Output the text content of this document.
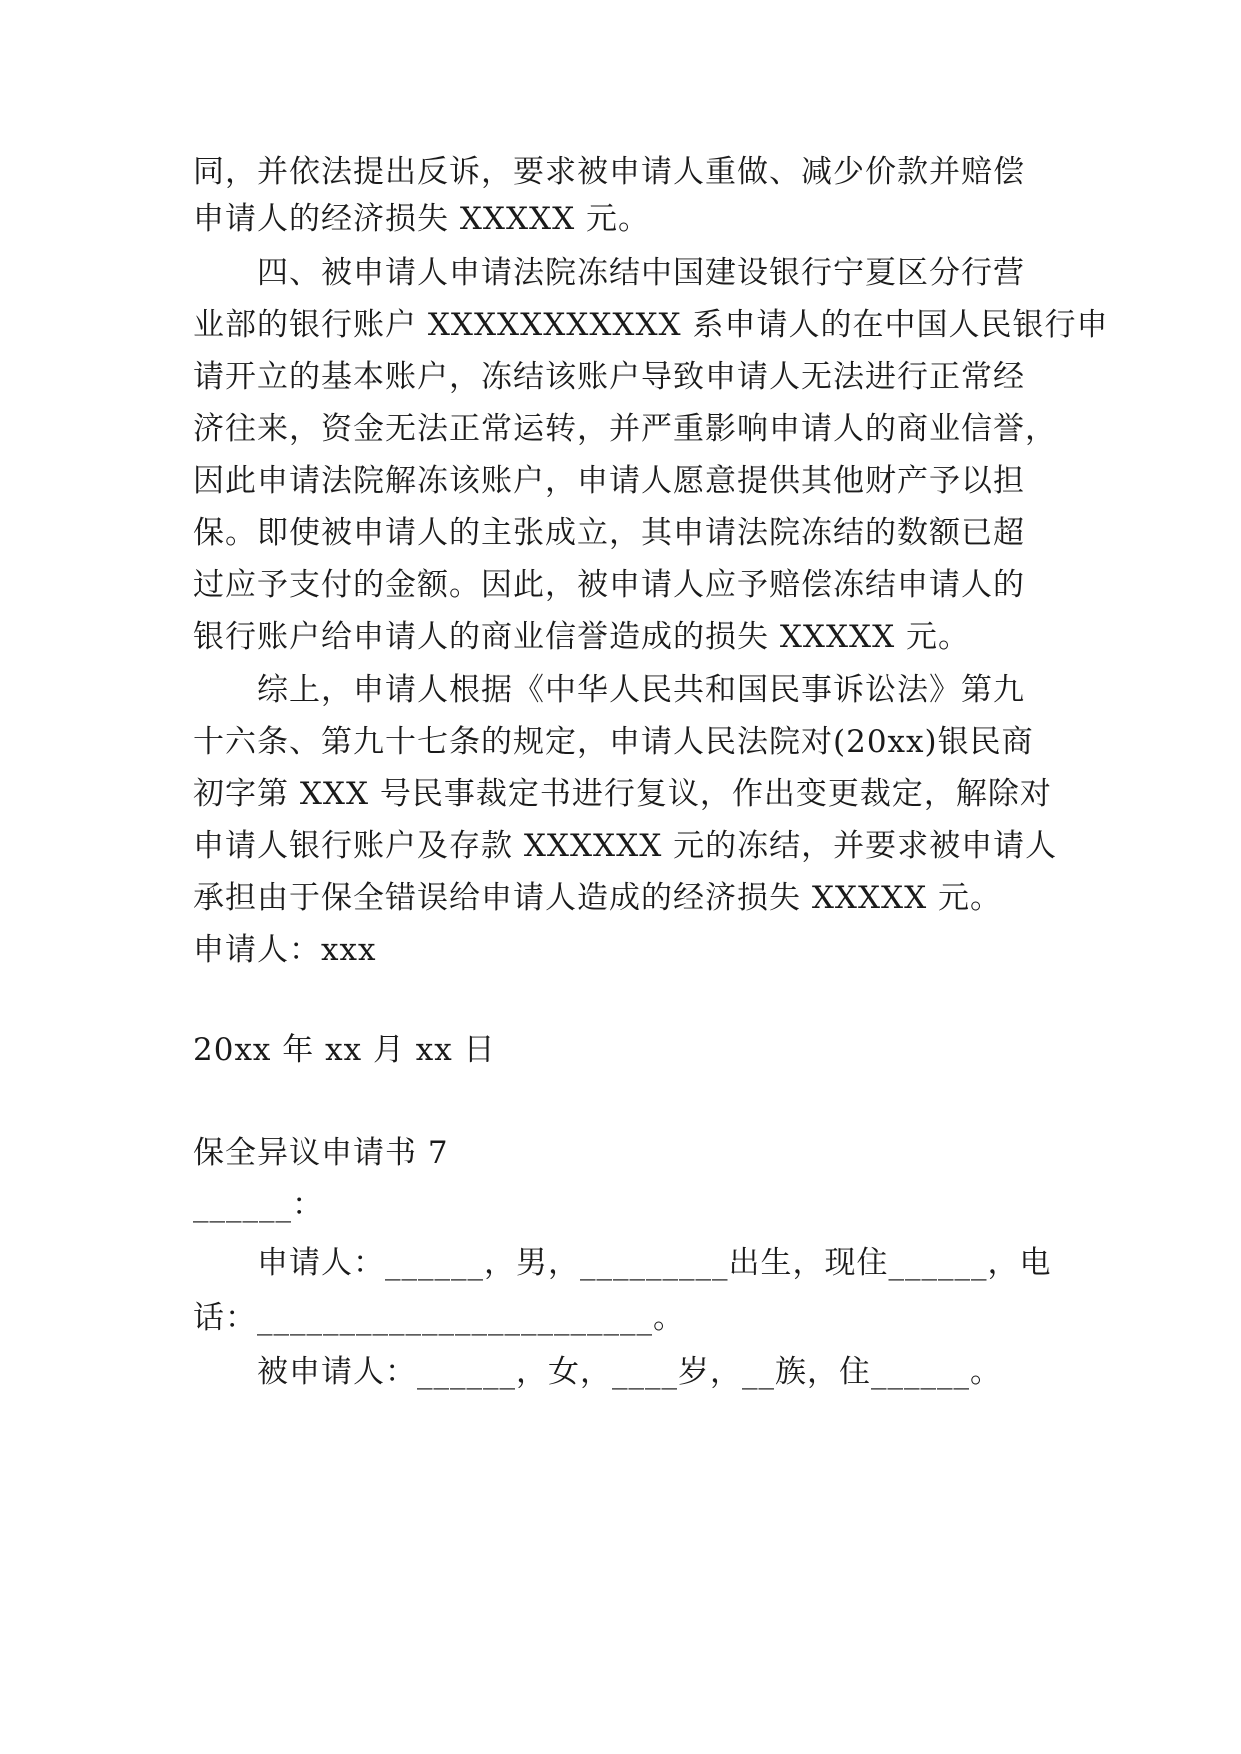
同，并依法提出反诉，要求被申请人重做、减少价款并赔偿
申请人的经济损失 XXXXX 元。
四、被申请人申请法院冻结中国建设银行宁夏区分行营
业部的银行账户 XXXXXXXXXXX 系申请人的在中国人民银行申
请开立的基本账户，冻结该账户导致申请人无法进行正常经
济往来，资金无法正常运转，并严重影响申请人的商业信誉，
因此申请法院解冻该账户，申请人愿意提供其他财产予以担
保。即使被申请人的主张成立，其申请法院冻结的数额已超
过应予支付的金额。因此，被申请人应予赔偿冻结申请人的
银行账户给申请人的商业信誉造成的损失 XXXXX 元。
综上，申请人根据《中华人民共和国民事诉讼法》第九
十六条、第九十七条的规定，申请人民法院对(20xx)银民商
初字第 XXX 号民事裁定书进行复议，作出变更裁定，解除对
申请人银行账户及存款 XXXXXX 元的冻结，并要求被申请人
承担由于保全错误给申请人造成的经济损失 XXXXX 元。
申请人：xxx
20xx 年 xx 月 xx 日
保全异议申请书 7
______：
申请人：______，男，_________出生，现住______，电
话：________________________。
被申请人：______，女，____岁，__族，住______。
